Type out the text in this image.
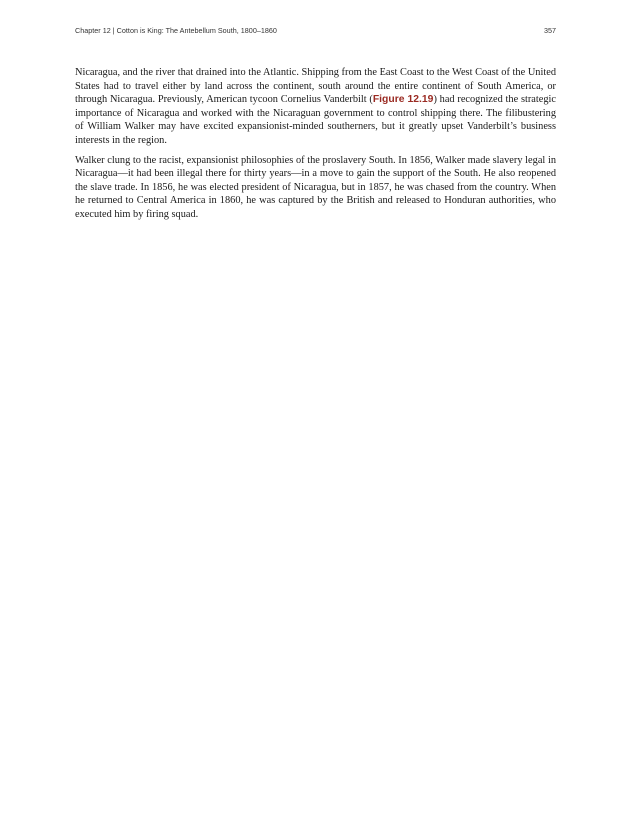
Chapter 12 | Cotton is King: The Antebellum South, 1800–1860	357

Nicaragua, and the river that drained into the Atlantic. Shipping from the East Coast to the West Coast of the United States had to travel either by land across the continent, south around the entire continent of South America, or through Nicaragua. Previously, American tycoon Cornelius Vanderbilt (Figure 12.19) had recognized the strategic importance of Nicaragua and worked with the Nicaraguan government to control shipping there. The filibustering of William Walker may have excited expansionist-minded southerners, but it greatly upset Vanderbilt’s business interests in the region.

Walker clung to the racist, expansionist philosophies of the proslavery South. In 1856, Walker made slavery legal in Nicaragua—it had been illegal there for thirty years—in a move to gain the support of the South. He also reopened the slave trade. In 1856, he was elected president of Nicaragua, but in 1857, he was chased from the country. When he returned to Central America in 1860, he was captured by the British and released to Honduran authorities, who executed him by firing squad.
